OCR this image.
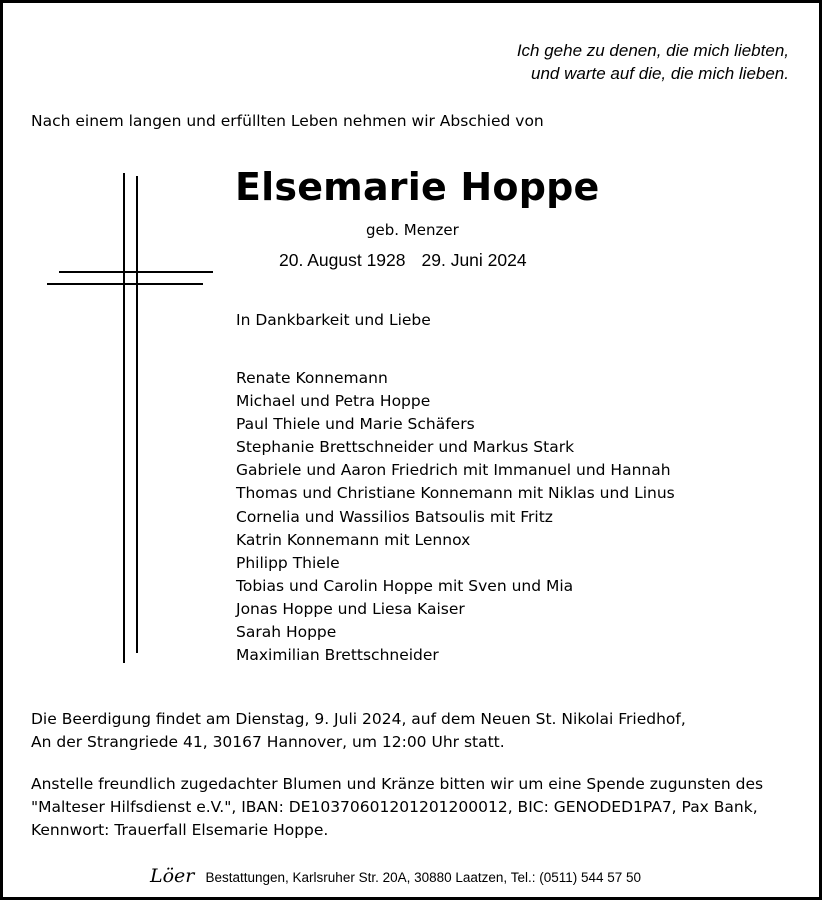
Ich gehe zu denen, die mich liebten,
und warte auf die, die mich lieben.
Nach einem langen und erfüllten Leben nehmen wir Abschied von
Elsemarie Hoppe
geb. Menzer
20. August 1928 29. Juni 2024
In Dankbarkeit und Liebe
Renate Konnemann
Michael und Petra Hoppe
Paul Thiele und Marie Schäfers
Stephanie Brettschneider und Markus Stark
Gabriele und Aaron Friedrich mit Immanuel und Hannah
Thomas und Christiane Konnemann mit Niklas und Linus
Cornelia und Wassilios Batsoulis mit Fritz
Katrin Konnemann mit Lennox
Philipp Thiele
Tobias und Carolin Hoppe mit Sven und Mia
Jonas Hoppe und Liesa Kaiser
Sarah Hoppe
Maximilian Brettschneider
Die Beerdigung findet am Dienstag, 9. Juli 2024, auf dem Neuen St. Nikolai Friedhof,
An der Strangriede 41, 30167 Hannover, um 12:00 Uhr statt.
Anstelle freundlich zugedachter Blumen und Kränze bitten wir um eine Spende zugunsten des
"Malteser Hilfsdienst e.V.", IBAN: DE10370601201201200012, BIC: GENODED1PA7, Pax Bank,
Kennwort: Trauerfall Elsemarie Hoppe.
Löer Bestattungen, Karlsruher Str. 20A, 30880 Laatzen, Tel.: (0511) 544 57 50
